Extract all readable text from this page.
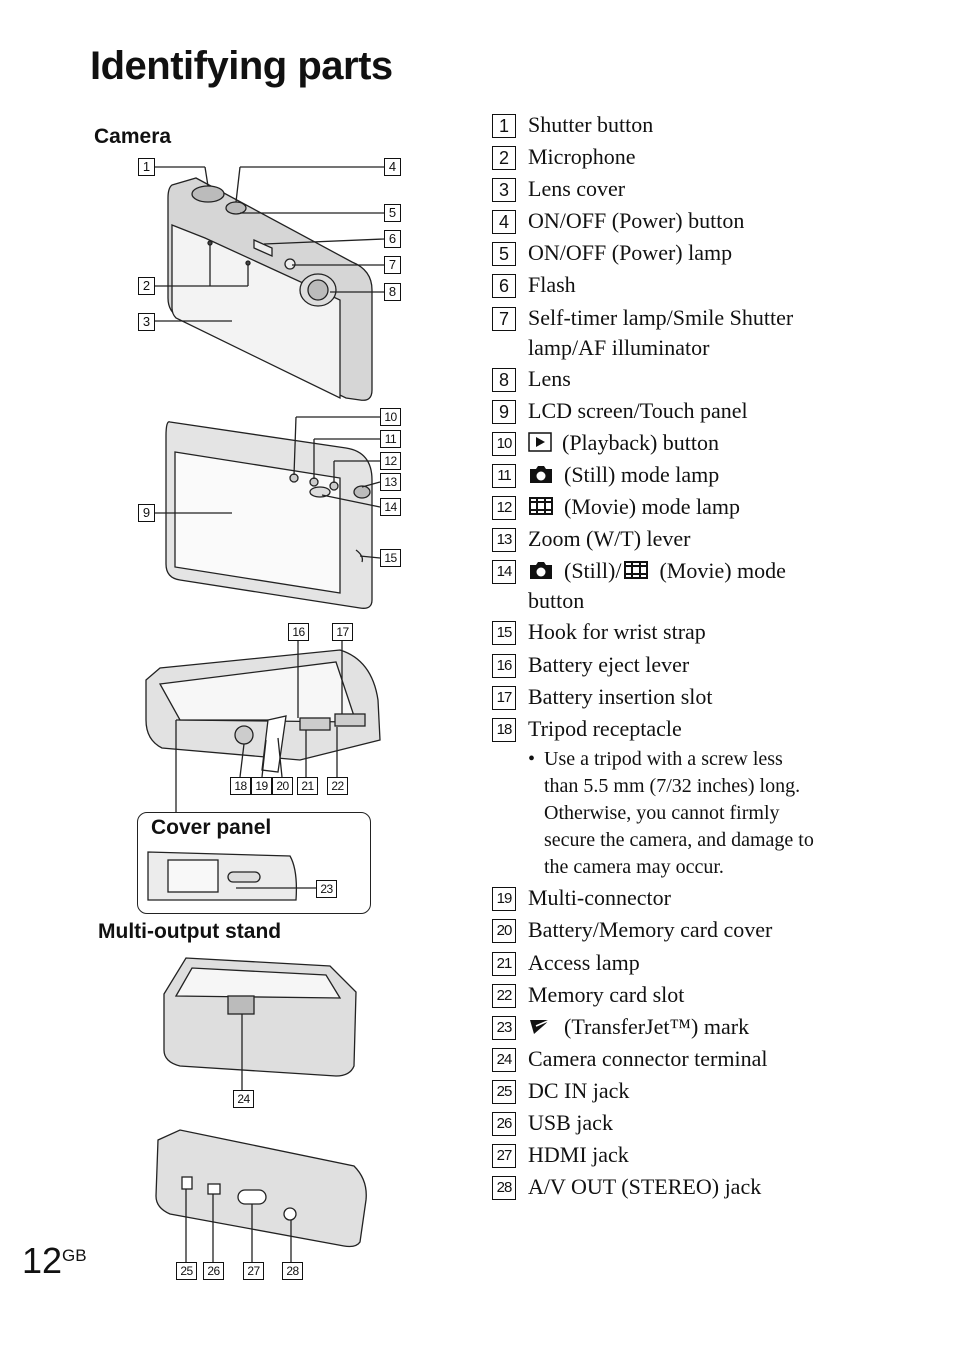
Identifying parts
Camera
Multi-output stand
Cover panel
1
2
3
4
5
6
7
8
9
10
11
12
13
14
15
16	17
18 19 20	21	22
23
24
25	26	27	28
1 Shutter button
2 Microphone
3 Lens cover
4 ON/OFF (Power) button
5 ON/OFF (Power) lamp
6 Flash
7 Self-timer lamp/Smile Shutter
lamp/AF illuminator
8 Lens
9 LCD screen/Touch panel
10	(Playback) button
11	(Still) mode lamp
12	(Movie) mode lamp
13 Zoom (W/T) lever
14	(Still)/ (Movie) mode
button
15 Hook for wrist strap
16 Battery eject lever
17 Battery insertion slot
18 Tripod receptacle
• Use a tripod with a screw less
than 5.5 mm (7/32 inches) long.
Otherwise, you cannot firmly
secure the camera, and damage to
the camera may occur.
19 Multi-connector
20 Battery/Memory card cover
21 Access lamp
22 Memory card slot
23	(TransferJet™) mark
24 Camera connector terminal
25 DC IN jack
26 USB jack
27 HDMI jack
28 A/V OUT (STEREO) jack
$12^{GB}$
